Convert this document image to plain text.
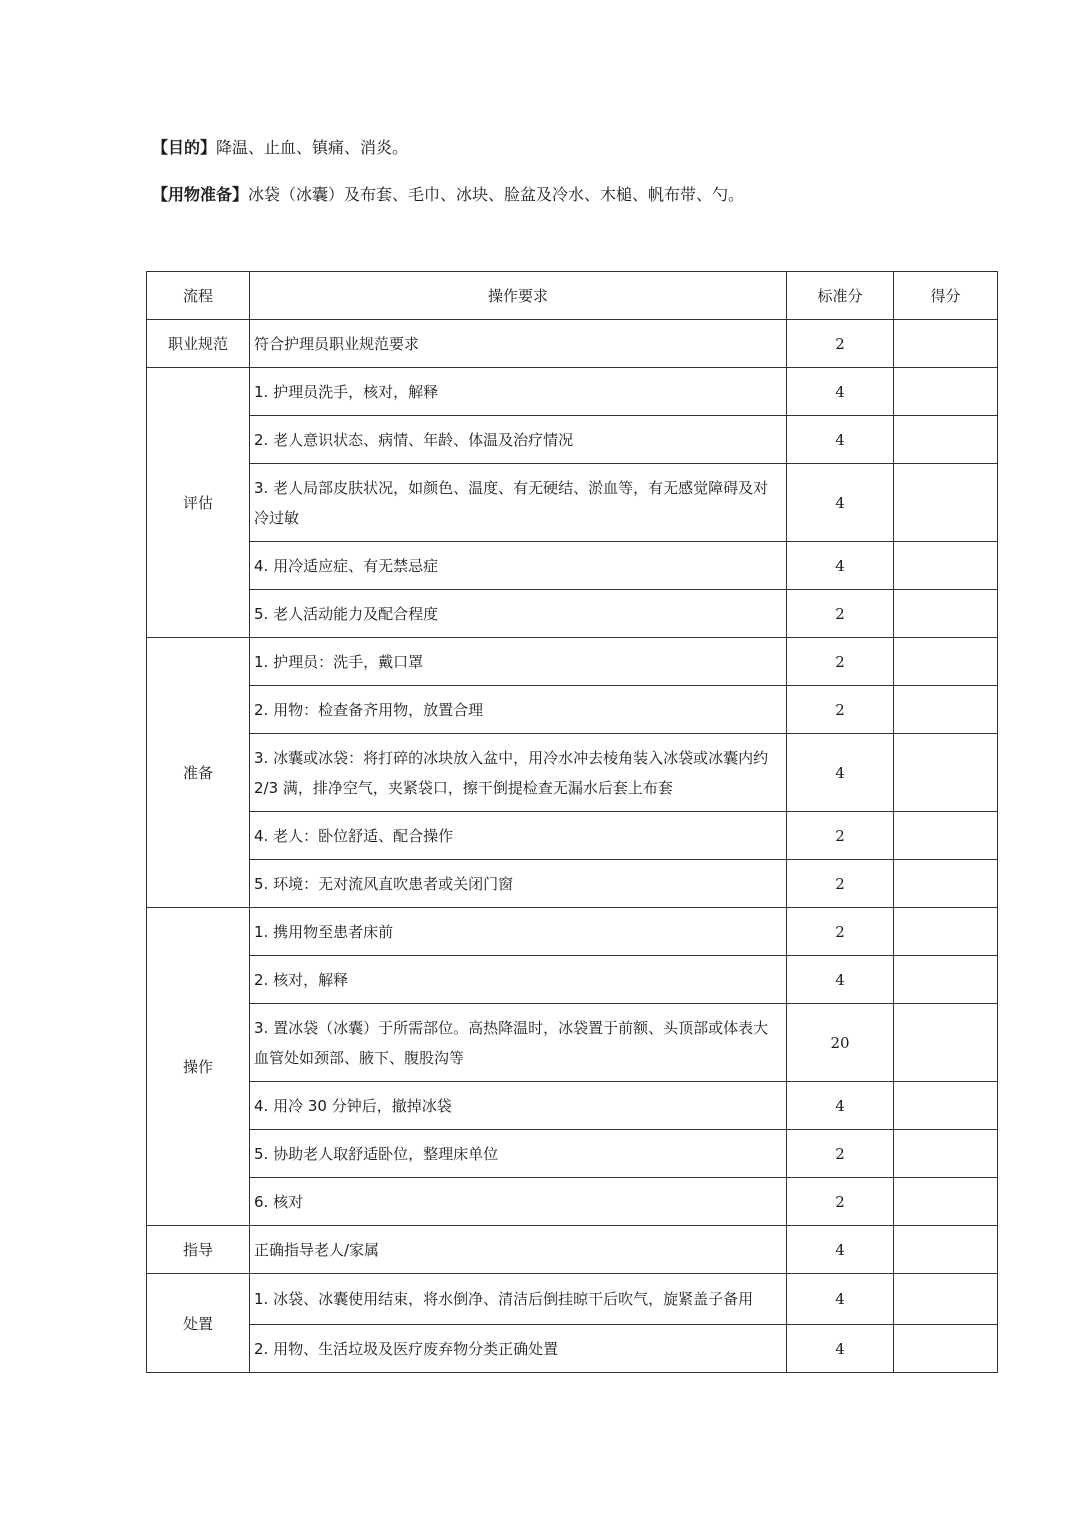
【目的】降温、止血、镇痛、消炎。
【用物准备】冰袋（冰囊）及布套、毛巾、冰块、脸盆及冷水、木槌、帆布带、勺。
流程	操作要求	标准分	得分
职业规范	符合护理员职业规范要求	2	
评估	1. 护理员洗手，核对，解释	4	
	2. 老人意识状态、病情、年龄、体温及治疗情况	4	
	3. 老人局部皮肤状况，如颜色、温度、有无硬结、淤血等，有无感觉障碍及对冷过敏	4	
	4. 用冷适应症、有无禁忌症	4	
	5. 老人活动能力及配合程度	2	
准备	1. 护理员：洗手，戴口罩	2	
	2. 用物：检查备齐用物，放置合理	2	
	3. 冰囊或冰袋：将打碎的冰块放入盆中，用冷水冲去棱角装入冰袋或冰囊内约 2/3 满，排净空气，夹紧袋口，擦干倒提检查无漏水后套上布套	4	
	4. 老人：卧位舒适、配合操作	2	
	5. 环境：无对流风直吹患者或关闭门窗	2	
操作	1. 携用物至患者床前	2	
	2. 核对，解释	4	
	3. 置冰袋（冰囊）于所需部位。高热降温时，冰袋置于前额、头顶部或体表大血管处如颈部、腋下、腹股沟等	20	
	4. 用冷 30 分钟后，撤掉冰袋	4	
	5. 协助老人取舒适卧位，整理床单位	2	
	6. 核对	2	
指导	正确指导老人/家属	4	
处置	1. 冰袋、冰囊使用结束，将水倒净、清洁后倒挂晾干后吹气，旋紧盖子备用	4	
	2. 用物、生活垃圾及医疗废弃物分类正确处置	4	
